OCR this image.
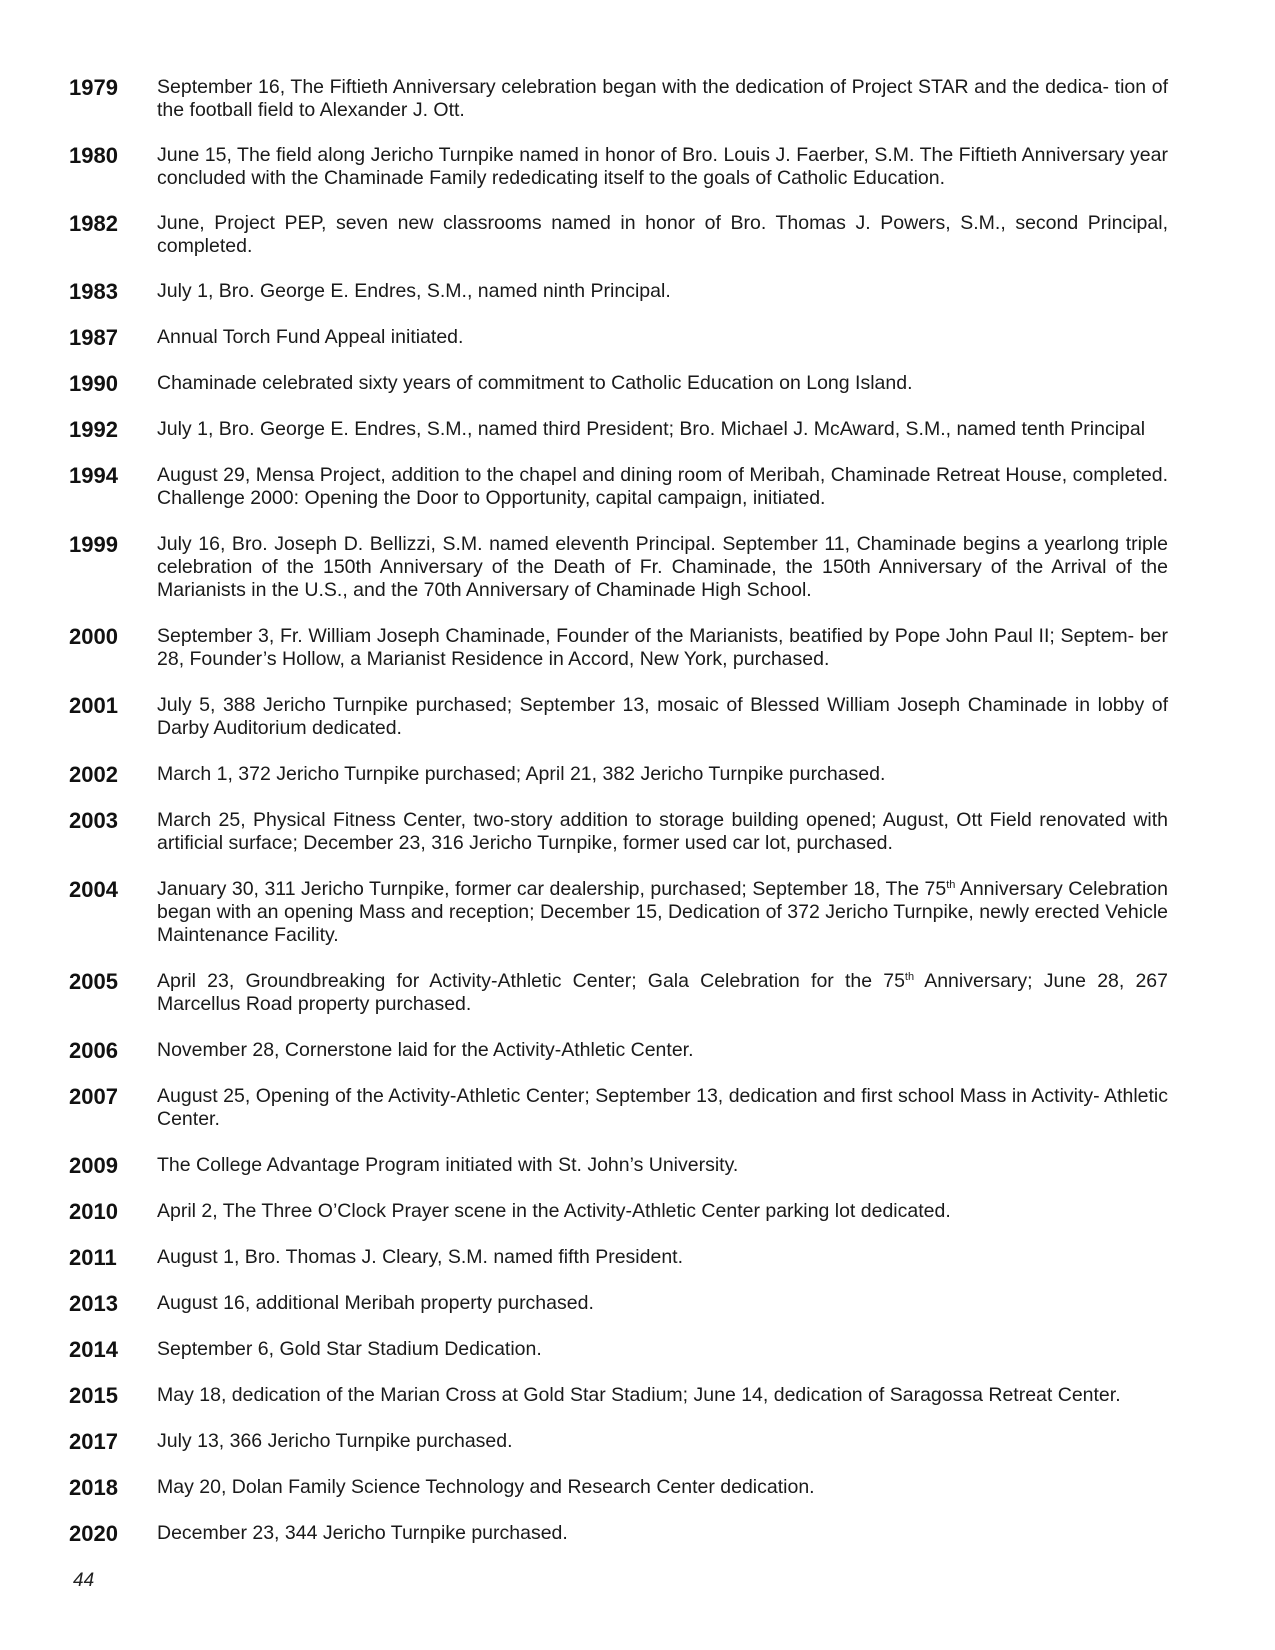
1979	September 16, The Fiftieth Anniversary celebration began with the dedication of Project STAR and the dedica- tion of the football field to Alexander J. Ott.
1980	June 15, The field along Jericho Turnpike named in honor of Bro. Louis J. Faerber, S.M. The Fiftieth Anniversary year concluded with the Chaminade Family rededicating itself to the goals of Catholic Education.
1982	June, Project PEP, seven new classrooms named in honor of Bro. Thomas J. Powers, S.M., second Principal, completed.
1983	July 1, Bro. George E. Endres, S.M., named ninth Principal.
1987	Annual Torch Fund Appeal initiated.
1990	Chaminade celebrated sixty years of commitment to Catholic Education on Long Island.
1992	July 1, Bro. George E. Endres, S.M., named third President; Bro. Michael J. McAward, S.M., named tenth Principal
1994	August 29, Mensa Project, addition to the chapel and dining room of Meribah, Chaminade Retreat House, completed. Challenge 2000: Opening the Door to Opportunity, capital campaign, initiated.
1999	July 16, Bro. Joseph D. Bellizzi, S.M. named eleventh Principal. September 11, Chaminade begins a yearlong triple celebration of the 150th Anniversary of the Death of Fr. Chaminade, the 150th Anniversary of the Arrival of the Marianists in the U.S., and the 70th Anniversary of Chaminade High School.
2000	September 3, Fr. William Joseph Chaminade, Founder of the Marianists, beatified by Pope John Paul II; Septem- ber 28, Founder’s Hollow, a Marianist Residence in Accord, New York, purchased.
2001	July 5, 388 Jericho Turnpike purchased; September 13, mosaic of Blessed William Joseph Chaminade in lobby of Darby Auditorium dedicated.
2002	March 1, 372 Jericho Turnpike purchased; April 21, 382 Jericho Turnpike purchased.
2003	March 25, Physical Fitness Center, two-story addition to storage building opened; August, Ott Field renovated with artificial surface; December 23, 316 Jericho Turnpike, former used car lot, purchased.
2004	January 30, 311 Jericho Turnpike, former car dealership, purchased; September 18, The 75th Anniversary Celebration began with an opening Mass and reception; December 15, Dedication of 372 Jericho Turnpike, newly erected Vehicle Maintenance Facility.
2005	April 23, Groundbreaking for Activity-Athletic Center; Gala Celebration for the 75th Anniversary; June 28, 267 Marcellus Road property purchased.
2006	November 28, Cornerstone laid for the Activity-Athletic Center.
2007	August 25, Opening of the Activity-Athletic Center; September 13, dedication and first school Mass in Activity- Athletic Center.
2009	The College Advantage Program initiated with St. John’s University.
2010	April 2, The Three O’Clock Prayer scene in the Activity-Athletic Center parking lot dedicated.
2011	August 1, Bro. Thomas J. Cleary, S.M. named fifth President.
2013	August 16, additional Meribah property purchased.
2014	September 6, Gold Star Stadium Dedication.
2015	May 18, dedication of the Marian Cross at Gold Star Stadium; June 14, dedication of Saragossa Retreat Center.
2017	July 13, 366 Jericho Turnpike purchased.
2018	May 20, Dolan Family Science Technology and Research Center dedication.
2020	December 23, 344 Jericho Turnpike purchased.
44
